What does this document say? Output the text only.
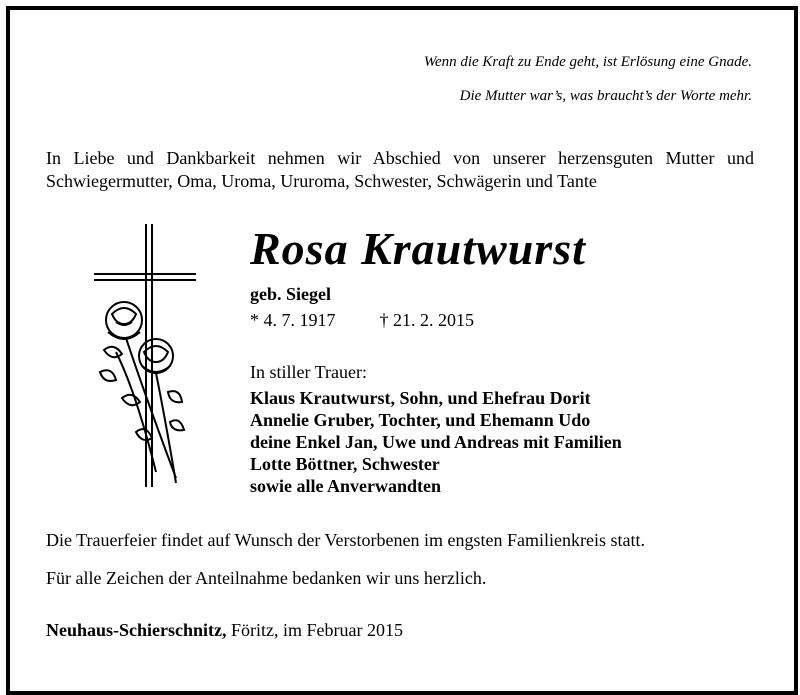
Wenn die Kraft zu Ende geht, ist Erlösung eine Gnade.
Die Mutter war’s, was braucht’s der Worte mehr.
In Liebe und Dankbarkeit nehmen wir Abschied von unserer herzensguten Mutter und Schwiegermutter, Oma, Uroma, Ururoma, Schwester, Schwägerin und Tante
Rosa Krautwurst
geb. Siegel
* 4. 7. 1917 † 21. 2. 2015
In stiller Trauer:
Klaus Krautwurst, Sohn, und Ehefrau Dorit
Annelie Gruber, Tochter, und Ehemann Udo
deine Enkel Jan, Uwe und Andreas mit Familien
Lotte Böttner, Schwester
sowie alle Anverwandten
Die Trauerfeier findet auf Wunsch der Verstorbenen im engsten Familienkreis statt.
Für alle Zeichen der Anteilnahme bedanken wir uns herzlich.
Neuhaus-Schierschnitz, Föritz, im Februar 2015
